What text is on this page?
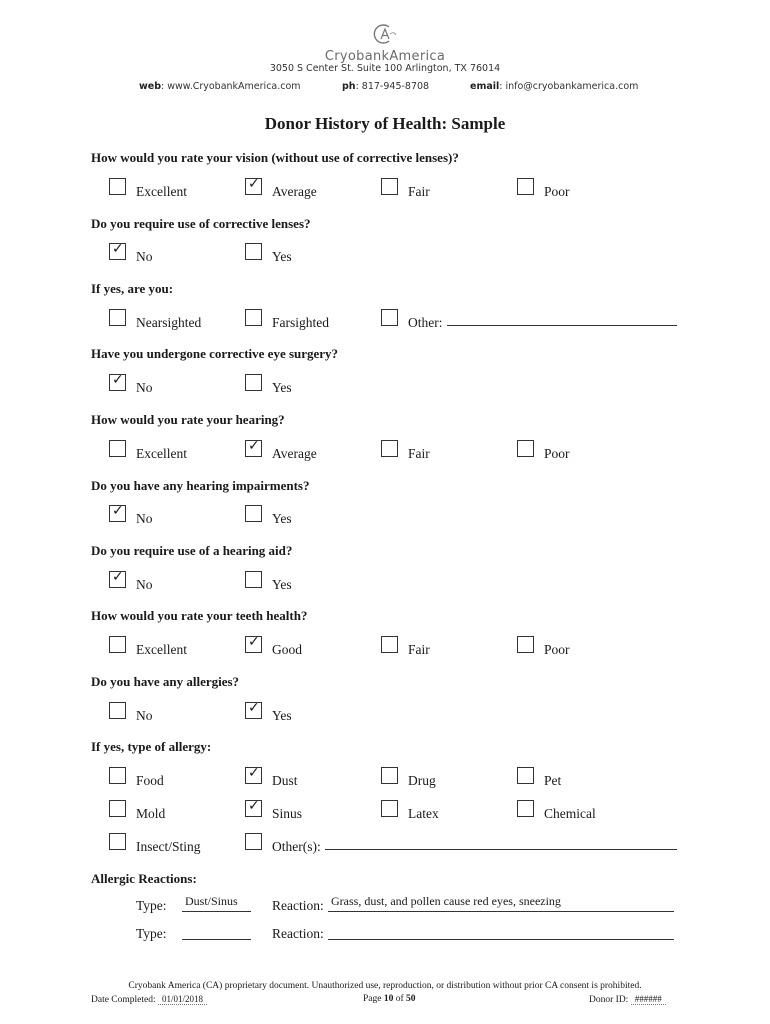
CryobankAmerica
3050 S Center St. Suite 100 Arlington, TX 76014
web: www.CryobankAmerica.com	ph: 817-945-8708	email: info@cryobankamerica.com
Donor History of Health: Sample
How would you rate your vision (without use of corrective lenses)?
Do you require use of corrective lenses?
If yes, are you:
Have you undergone corrective eye surgery?
How would you rate your hearing?
Do you have any hearing impairments?
Do you require use of a hearing aid?
How would you rate your teeth health?
Do you have any allergies?
If yes, type of allergy:
Excellent	✓ Average	Fair	Poor
✓ No	Yes
Nearsighted	Farsighted	Other:
✓ No	Yes
Excellent	✓ Average	Fair	Poor
✓ No	Yes
✓ No	Yes
Excellent	✓ Good	Fair	Poor
No	✓ Yes
Food	✓ Dust	Drug	Pet
Mold	✓ Sinus	Latex	Chemical
Insect/Sting	Other(s):
Allergic Reactions:
Type: Dust/Sinus	Reaction: Grass, dust, and pollen cause red eyes, sneezing
Type:	Reaction:
Cryobank America (CA) proprietary document. Unauthorized use, reproduction, or distribution without prior CA consent is prohibited.
Date Completed: 01/01/2018	Page 10 of 50	Donor ID: ######
